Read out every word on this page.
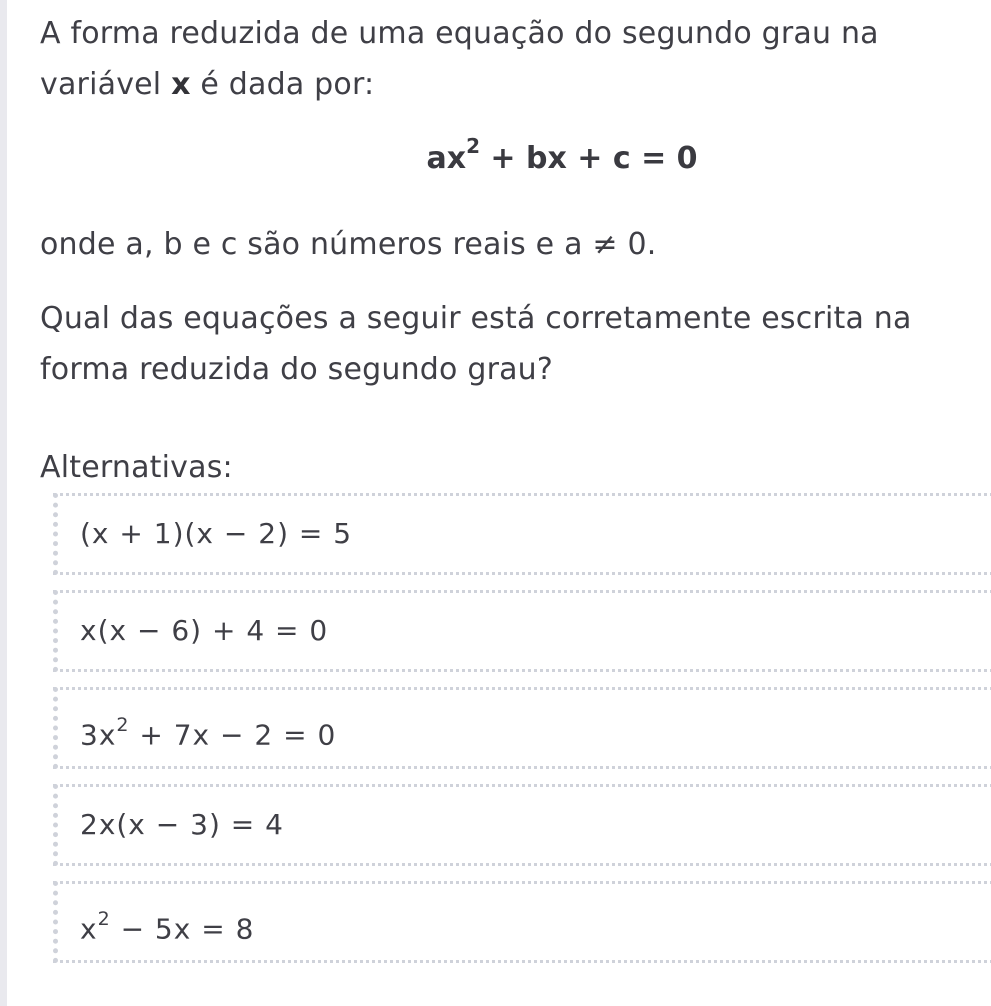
A forma reduzida de uma equação do segundo grau na
variável x é dada por:

$ax^2$ + bx + c = 0

onde a, b e c são números reais e a ≠ 0.

Qual das equações a seguir está corretamente escrita na
forma reduzida do segundo grau?

Alternativas:

(x + 1)(x − 2) = 5
x(x − 6) + 4 = 0
$3x^2 + 7x - 2 = 0$
2x(x − 3) = 4
$x^2 - 5x = 8$
